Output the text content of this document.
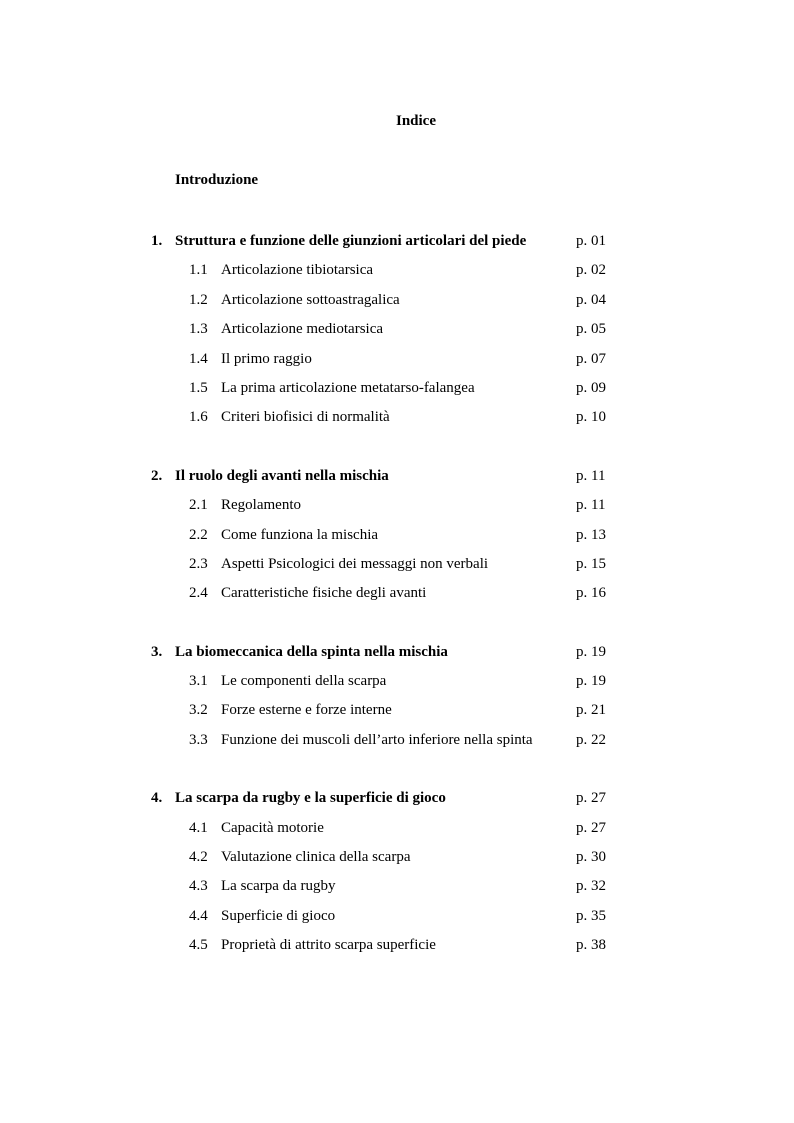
Indice

Introduzione

1. Struttura e funzione delle giunzioni articolari del piede	p. 01
1.1 Articolazione tibiotarsica	p. 02
1.2 Articolazione sottoastragalica	p. 04
1.3 Articolazione mediotarsica	p. 05
1.4 Il primo raggio	p. 07
1.5 La prima articolazione metatarso-falangea	p. 09
1.6 Criteri biofisici di normalità	p. 10
2. Il ruolo degli avanti nella mischia	p. 11
2.1 Regolamento	p. 11
2.2 Come funziona la mischia	p. 13
2.3 Aspetti Psicologici dei messaggi non verbali	p. 15
2.4 Caratteristiche fisiche degli avanti	p. 16
3. La biomeccanica della spinta nella mischia	p. 19
3.1 Le componenti della scarpa	p. 19
3.2 Forze esterne e forze interne	p. 21
3.3 Funzione dei muscoli dell’arto inferiore nella spinta	p. 22
4. La scarpa da rugby e la superficie di gioco	p. 27
4.1 Capacità motorie	p. 27
4.2 Valutazione clinica della scarpa	p. 30
4.3 La scarpa da rugby	p. 32
4.4 Superficie di gioco	p. 35
4.5 Proprietà di attrito scarpa superficie	p. 38
